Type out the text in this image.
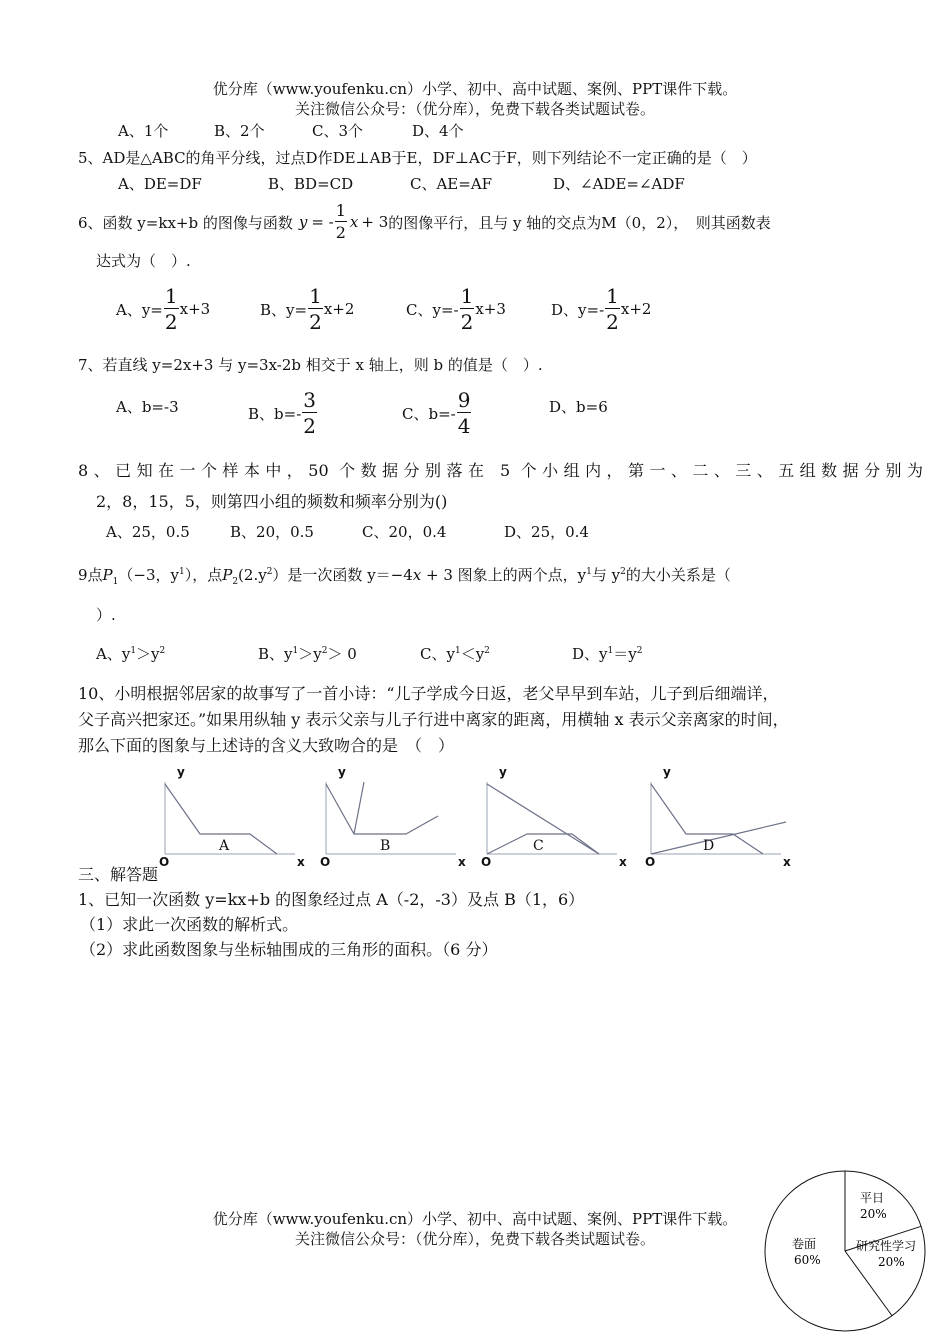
优分库（www.youfenku.cn）小学、初中、高中试题、案例、PPT课件下载。
关注微信公众号：（优分库），免费下载各类试题试卷。
A、1个	B、2个	C、3个	D、4个
5、AD是△ABC的角平分线，过点D作DE⊥AB于E，DF⊥AC于F，则下列结论不一定正确的是（　）
A、DE=DF	B、BD=CD	C、AE=AF	D、∠ADE=∠ADF
6、函数 y=kx+b 的图像与函数 y = - $\frac{1}{2}$ x + 3 的图像平行，且与 y 轴的交点为M（0，2），　则其函数表
达式为（　）.
A、$y= \frac{1}{2} x+3$	B、$y= \frac{1}{2} x+2$	C、$y=- \frac{1}{2} x+3$	D、$y=- \frac{1}{2} x+2$
7、若直线 y=2x+3 与 y=3x-2b 相交于 x 轴上，则 b 的值是（　）.
A、b=-3	B、$b=- \frac{3}{2}$	C、$b=- \frac{9}{4}$	D、b=6
8、已知在一个样本中，50 个数据分别落在 5 个小组内，第一、二、三、五组数据分别为
2，8，15，5，则第四小组的频数和频率分别为()
A、25，0.5	B、20，0.5	C、20，0.4	D、25，0.4
9点$P_1(-3$，$y^1$），点$P_2(2.y^2)$是一次函数 y＝−4x + 3 图象上的两个点，$y^1$与 $y^2$的大小关系是（
）.
A、$y^1>y^2$	B、$y^1>y^2> 0$	C、$y^1<y^2$	D、$y^1=y^2$
10、小明根据邻居家的故事写了一首小诗：“儿子学成今日返，老父早早到车站，儿子到后细端详，
父子高兴把家还。”如果用纵轴 y 表示父亲与儿子行进中离家的距离，用横轴 x 表示父亲离家的时间，
那么下面的图象与上述诗的含义大致吻合的是　（　）
y
A
O	x
y
B
O	x
y
C
O	x
y
D
O	x
三、解答题
1、已知一次函数 y=kx+b 的图象经过点 A（-2，-3）及点 B（1，6）
（1）求此一次函数的解析式。
（2）求此函数图象与坐标轴围成的三角形的面积。（6 分）
优分库（www.youfenku.cn）小学、初中、高中试题、案例、PPT课件下载。
关注微信公众号：（优分库），免费下载各类试题试卷。
平日
20%
研究性学习
20%
卷面
60%
